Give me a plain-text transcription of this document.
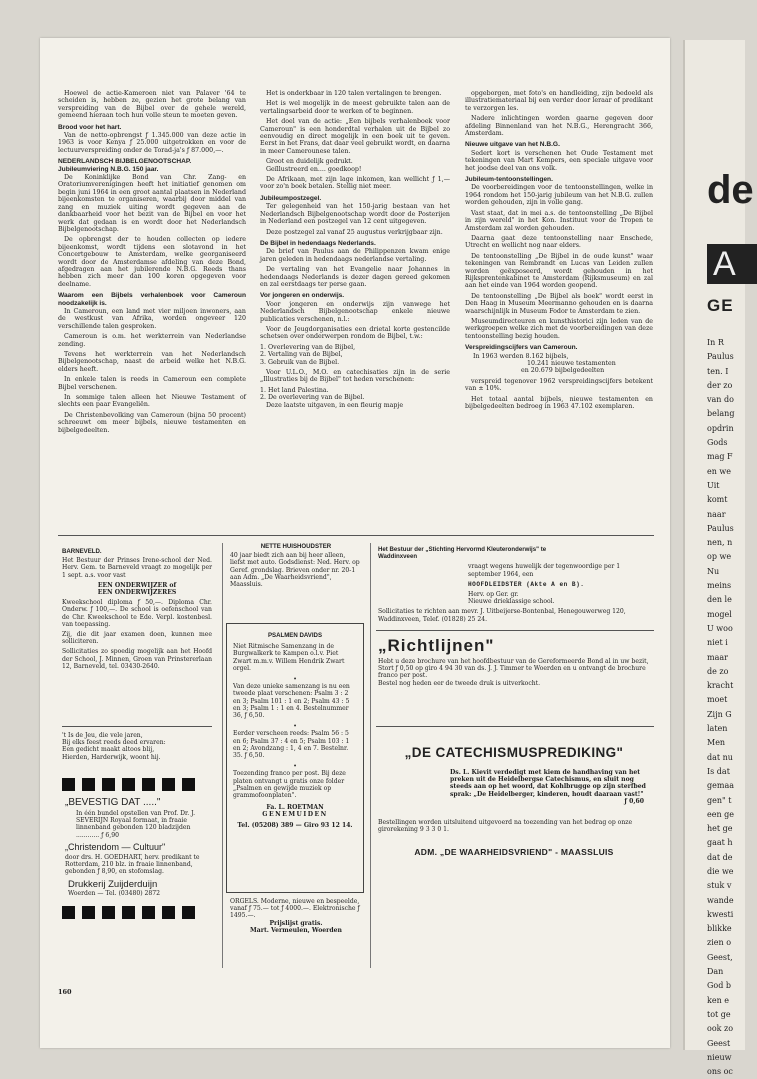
Hoewel de actie-Kameroen niet van Palaver '64 te scheiden is, hebben ze, gezien het grote belang van verspreiding van de Bijbel over de gehele wereld, gemeend hieraan toch hun volle steun te moeten geven.

Brood voor het hart.

Van de netto-opbrengst ƒ 1.345.000 van deze actie in 1963 is voor Kenya ƒ 25.000 uitgetrokken en voor de lectuurverspreiding onder de Torad-ja's ƒ 87.000,—.

NEDERLANDSCH BIJBELGENOOTSCHAP.
Jubileumviering N.B.G. 150 jaar.

De Koninklijke Bond van Chr. Zang- en Oratoriumverenigingen heeft het initiatief genomen om begin juni 1964 in een groot aantal plaatsen in Nederland bijeenkomsten te organiseren, waarbij door middel van zang en muziek uiting wordt gegeven aan de dankbaarheid voor het bezit van de Bijbel en voor het werk dat gedaan is en wordt door het Nederlandsch Bijbelgenootschap.

De opbrengst der te houden collecten op iedere bijeenkomst, wordt tijdens een slotavond in het Concertgebouw te Amsterdam, welke georganiseerd wordt door de Amsterdamse afdeling van deze Bond, afgedragen aan het jubilerende N.B.G. Reeds thans hebben zich meer dan 100 koren opgegeven voor deelname.

Waarom een Bijbels verhalenboek voor Cameroun noodzakelijk is.

In Cameroun, een land met vier miljoen inwoners, aan de westkust van Afrika, worden ongeveer 120 verschillende talen gesproken.

Cameroun is o.m. het werkterrein van Nederlandse zending.

Tevens het werkterrein van het Nederlandsch Bijbelgenootschap, naast de arbeid welke het N.B.G. elders heeft.

In enkele talen is reeds in Cameroun een complete Bijbel verschenen.

In sommige talen alleen het Nieuwe Testament of slechts een paar Evangeliën.

De Christenbevolking van Cameroun (bijna 50 procent) schreeuwt om meer bijbels, nieuwe testamenten en bijbelgedeelten.

Het is onderkbaar in 120 talen vertalingen te brengen.

Het is wel mogelijk in de meest gebruikte talen aan de vertalingsarbeid door te werken of te beginnen.

Het doel van de actie: „Een bijbels verhalenboek voor Cameroun" is een honderdtal verhalen uit de Bijbel zo eenvoudig en direct mogelijk in een boek uit te geven. Eerst in het Frans, dat daar veel gebruikt wordt, en daarna in meer Camerounese talen.

Groot en duidelijk gedrukt.

Geïllustreerd en.... goedkoop!

De Afrikaan, met zijn lage inkomen, kan wellicht ƒ 1,— voor zo'n boek betalen. Stellig niet meer.

Jubileumpostzegel.

Ter gelegenheid van het 150-jarig bestaan van het Nederlandsch Bijbelgenootschap wordt door de Posterijen in Nederland een postzegel van 12 cent uitgegeven.

Deze postzegel zal vanaf 25 augustus verkrijgbaar zijn.

De Bijbel in hedendaags Nederlands.

De brief van Paulus aan de Philippenzen kwam enige jaren geleden in hedendaags nederlandse vertaling.

De vertaling van het Evangelie naar Johannes in hedendaags Nederlands is dezer dagen gereed gekomen en zal eerstdaags ter perse gaan.

Vor jongeren en onderwijs.

Voor jongeren en onderwijs zijn vanwege het Nederlandsch Bijbelgenootschap enkele nieuwe publicaties verschenen, n.l.:

Voor de Jeugdorganisaties een drietal korte gestencilde schetsen over onderwerpen rondom de Bijbel, t.w.:

1. Overlevering van de Bijbel,
2. Vertaling van de Bijbel,
3. Gebruik van de Bijbel.

Voor U.L.O., M.O. en catechisaties zijn in de serie „Illustraties bij de Bijbel" tot heden verschenen:

1. Het land Palestina.
2. De overlevering van de Bijbel.

Deze laatste uitgaven, in een fleurig mapje

opgeborgen, met foto's en handleiding, zijn bedoeld als illustratiemateriaal bij een verder door leraar of predikant te verzorgen les.

Nadere inlichtingen worden gaarne gegeven door afdeling Binnenland van het N.B.G., Herengracht 366, Amsterdam.

Nieuwe uitgave van het N.B.G.

Sedert kort is verschenen het Oude Testament met tekeningen van Mart Kempers, een speciale uitgave voor het joodse deel van ons volk.

Jubileum-tentoonstellingen.

De voorbereidingen voor de tentoonstellingen, welke in 1964 rondom het 150-jarig jubileum van het N.B.G. zullen worden gehouden, zijn in volle gang.

Vast staat, dat in mei a.s. de tentoonstelling „De Bijbel in zijn wereld" in het Kon. Instituut voor de Tropen te Amsterdam zal worden gehouden.

Daarna gaat deze tentoonstelling naar Enschede, Utrecht en wellicht nog naar elders.

De tentoonstelling „De Bijbel in de oude kunst" waar tekeningen van Rembrandt en Lucas van Leiden zullen worden geëxposeerd, wordt gehouden in het Rijksprentenkabinet te Amsterdam (Rijksmuseum) en zal aan het einde van 1964 worden geopend.

De tentoonstelling „De Bijbel als boek" wordt eerst in Den Haag in Museum Meermanno gehouden en is daarna waarschijnlijk in Museum Fodor te Amsterdam te zien.

Museumdirecteuren en kunsthistorici zijn leden van de werkgroepen welke zich met de voorbereidingen van deze tentoonstelling bezig houden.

Verspreidingscijfers van Cameroun.
In 1963 werden 8.162 bijbels,
10.241 nieuwe testamenten
en 20.679 bijbelgedeelten

verspreid tegenover 1962 verspreidingscijfers betekent van ± 10%.

Het totaal aantal bijbels, nieuwe testamenten en bijbelgedeelten bedroeg in 1963 47.102 exemplaren.

BARNEVELD.
Het Bestuur der Prinses Irene-school der Ned. Herv. Gem. te Barneveld vraagt zo mogelijk per 1 sept. a.s. voor vast
EEN ONDERWIJZER of
EEN ONDERWIJZERES
Kweekschool diploma ƒ 50,—. Diploma Chr. Onderw. ƒ 100,—. De school is oefenschool van de Chr. Kweekschool te Ede. Verpl. kostenbesl. van toepassing.
Zij, die dit jaar examen doen, kunnen mee solliciteren.
Sollicitaties zo spoedig mogelijk aan het Hoofd der School, J. Minnen, Groen van Prinstererlaan 12, Barneveld, tel. 03430-2640.
't Is de Jeu, die vele jaren,
Bij elks feest reeds deed ervaren:
Een gedicht maakt altoos blij,
Hierden, Harderwijk, woont hij.
„BEVESTIG DAT ....."
In één bundel opstellen van Prof. Dr. J. SEVERIJN Royaal formaat, in fraaie linnenband gebonden 120 bladzijden ............ ƒ 6,90
„Christendom — Cultuur"
door drs. H. GOEDHART, herv. predikant te Rotterdam, 210 blz. in fraaie linnenband, gebonden ƒ 8,90, en stofomslag.
Drukkerij Zuijderduijn
Woerden — Tel. (03480) 2872
NETTE HUISHOUDSTER
40 jaar biedt zich aan bij heer alleen, liefst met auto. Godsdienst: Ned. Herv. op Geref. grondslag. Brieven onder nr. 20-1 aan Adm. „De Waarheidsvriend", Maassluis.
PSALMEN DAVIDS
Niet Ritmische Samenzang in de Burgwalkerk te Kampen o.l.v. Piet Zwart m.m.v. Willem Hendrik Zwart orgel.
•
Van deze unieke samenzang is nu een tweede plaat verschenen: Psalm 3 : 2 en 3; Psalm 101 : 1 en 2; Psalm 43 : 5 en 3; Psalm 1 : 1 en 4. Bestelnummer 36, ƒ 6,50.
•
Eerder verscheen reeds: Psalm 56 : 5 en 6; Psalm 37 : 4 en 5; Psalm 103 : 1 en 2; Avondzang : 1, 4 en 7. Bestelnr. 35. ƒ 6,50.
•
Toezending franco per post. Bij deze platen ontvangt u gratis onze folder „Psalmen en gewijde muziek op grammofoonplaten".
Fa. L. ROETMAN
GENEMUIDEN
Tel. (05208) 389 — Giro 93 12 14.
ORGELS. Moderne, nieuwe en bespeelde, vanaf ƒ 75.— tot ƒ 4000.—. Elektronische ƒ 1495.—.
Prijslijst gratis.
Mart. Vermeulen, Woerden
Het Bestuur der „Stichting Hervormd Kleuteronderwijs" te Waddinxveen
vraagt wegens huwelijk der tegenwoordige per 1 september 1964, een
HOOFDLEIDSTER (Akte A en B).
Herv. op Ger. gr.
Nieuwe driekl​assige school.
Sollicitaties te richten aan mevr. J. Uitbeijerse-Bontenbal, Henegouwerweg 120, Waddinxveen, Telef. (01828) 25 24.
„Richtlijnen"
Hebt u deze brochure van het hoofdbestuur van de Gereformeerde Bond al in uw bezit,
Stort ƒ 0,50 op giro 4 94 30 van ds. J. J. Timmer te Woerden en u ontvangt de brochure franco per post.
Bestel nog heden eer de tweede druk is uitverkocht.
„DE CATECHISMUSPREDIKING"
Ds. L. Kievit verdedigt met kiem de handhaving van het preken uit de Heidelbergse Catechismus, en sluit nog steeds aan op het woord, dat Kohlbrugge op zijn sterfbed sprak: „De Heidelberger, kinderen, houdt daaraan vast!"
ƒ 0,60
Bestellingen worden uitsluitend uitgevoerd na toezending van het bedrag op onze girorekening 9 3 3 0 1.
ADM. „DE WAARHEIDSVRIEND" - MAASSLUIS
160
de
A
GE
In R
Paulus
ten. I
der zo
van do
belang
opdrin
Gods
mag F
en we
Uit
komt
naar
Paulus
nen, n
op we
Nu
meins
den le
mogel
U woo
niet i
maar
de zo
kracht
moet
Zijn G
laten
Men
dat nu
Is dat
gemaa
gen" t
een ge
het ge
gaat h
dat de
die we
stuk v
wande
kwesti
blikke
zien o
Geest,
Dan
God b
ken e
tot ge
ook zo
Geest
nieuw
ons oc
